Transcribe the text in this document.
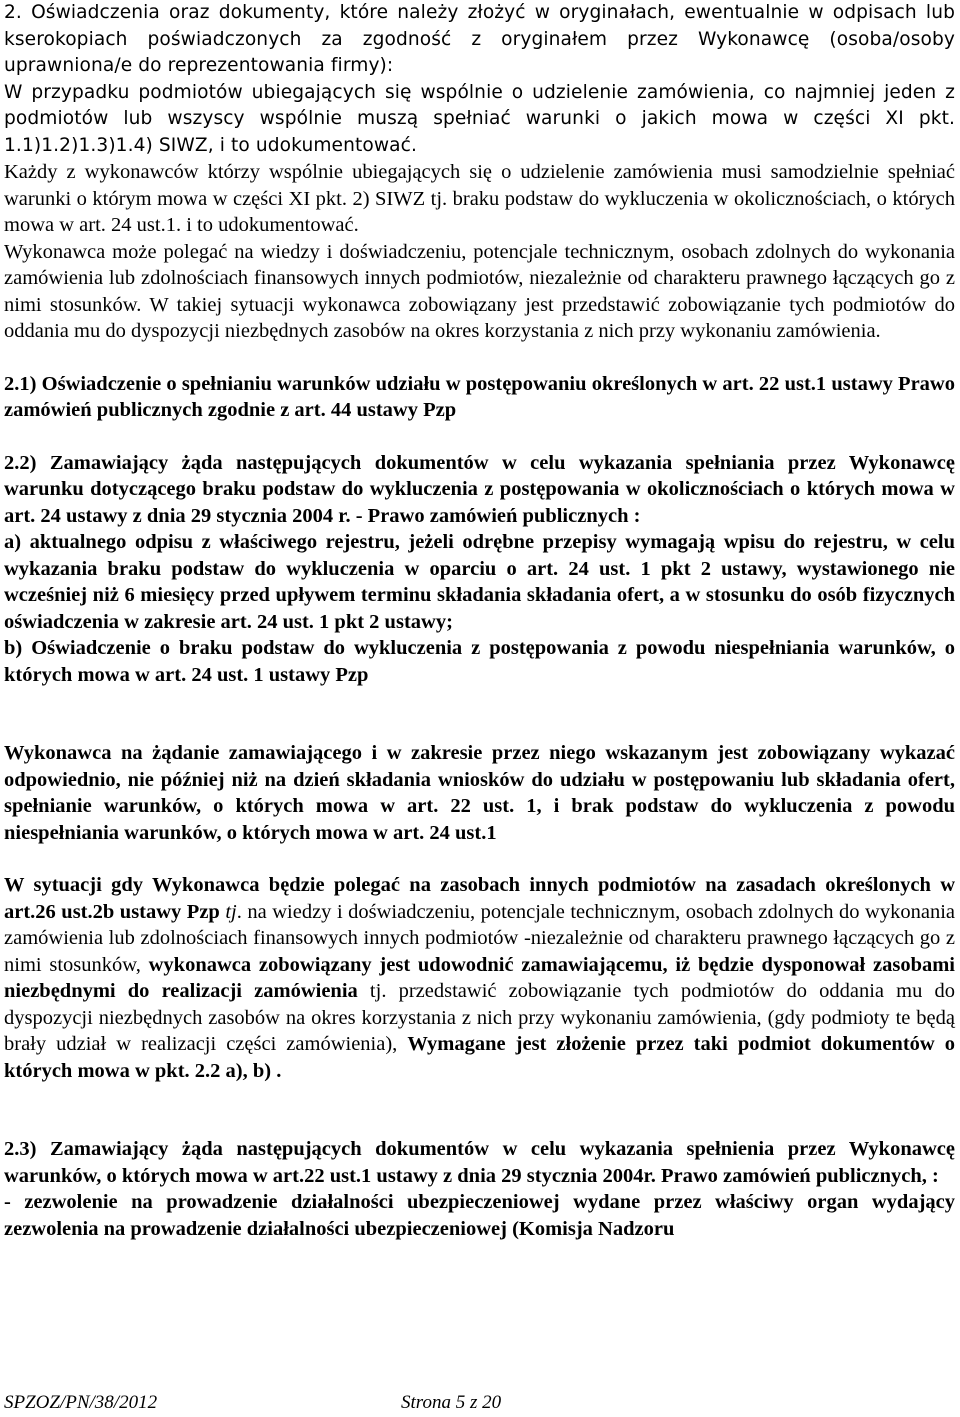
2. Oświadczenia oraz dokumenty, które należy złożyć w oryginałach, ewentualnie w odpisach lub kserokopiach poświadczonych za zgodność z oryginałem przez Wykonawcę (osoba/osoby uprawniona/e do reprezentowania firmy):

W przypadku podmiotów ubiegających się wspólnie o udzielenie zamówienia, co najmniej jeden z podmiotów lub wszyscy wspólnie muszą spełniać warunki o jakich mowa w części XI pkt. 1.1)1.2)1.3)1.4) SIWZ, i to udokumentować.

Każdy z wykonawców którzy wspólnie ubiegających się o udzielenie zamówienia musi samodzielnie spełniać warunki o którym mowa w części XI pkt. 2) SIWZ tj. braku podstaw do wykluczenia w okolicznościach, o których mowa w art. 24 ust.1. i to udokumentować.

Wykonawca może polegać na wiedzy i doświadczeniu, potencjale technicznym, osobach zdolnych do wykonania zamówienia lub zdolnościach finansowych innych podmiotów, niezależnie od charakteru prawnego łączących go z nimi stosunków. W takiej sytuacji wykonawca zobowiązany jest przedstawić zobowiązanie tych podmiotów do oddania mu do dyspozycji niezbędnych zasobów na okres korzystania z nich przy wykonaniu zamówienia.

2.1) Oświadczenie o spełnianiu warunków udziału w postępowaniu określonych w art. 22 ust.1 ustawy Prawo zamówień publicznych zgodnie z art. 44 ustawy Pzp

2.2) Zamawiający żąda następujących dokumentów w celu wykazania spełniania przez Wykonawcę warunku dotyczącego braku podstaw do wykluczenia z postępowania w okolicznościach o których mowa w art. 24 ustawy z dnia 29 stycznia 2004 r. - Prawo zamówień publicznych :

a) aktualnego odpisu z właściwego rejestru, jeżeli odrębne przepisy wymagają wpisu do rejestru, w celu wykazania braku podstaw do wykluczenia w oparciu o art. 24 ust. 1 pkt 2 ustawy, wystawionego nie wcześniej niż 6 miesięcy przed upływem terminu składania składania ofert, a w stosunku do osób fizycznych oświadczenia w zakresie art. 24 ust. 1 pkt 2 ustawy;

b) Oświadczenie o braku podstaw do wykluczenia z postępowania z powodu niespełniania warunków, o których mowa w art. 24 ust. 1 ustawy Pzp

Wykonawca na żądanie zamawiającego i w zakresie przez niego wskazanym jest zobowiązany wykazać odpowiednio, nie później niż na dzień składania wniosków do udziału w postępowaniu lub składania ofert, spełnianie warunków, o których mowa w art. 22 ust. 1, i brak podstaw do wykluczenia z powodu niespełniania warunków, o których mowa w art. 24 ust.1

W sytuacji gdy Wykonawca będzie polegać na zasobach innych podmiotów na zasadach określonych w art.26 ust.2b ustawy Pzp tj. na wiedzy i doświadczeniu, potencjale technicznym, osobach zdolnych do wykonania zamówienia lub zdolnościach finansowych innych podmiotów -niezależnie od charakteru prawnego łączących go z nimi stosunków, wykonawca zobowiązany jest udowodnić zamawiającemu, iż będzie dysponował zasobami niezbędnymi do realizacji zamówienia tj. przedstawić zobowiązanie tych podmiotów do oddania mu do dyspozycji niezbędnych zasobów na okres korzystania z nich przy wykonaniu zamówienia, (gdy podmioty te będą brały udział w realizacji części zamówienia), Wymagane jest złożenie przez taki podmiot dokumentów o których mowa w pkt. 2.2 a), b) .

2.3) Zamawiający żąda następujących dokumentów w celu wykazania spełnienia przez Wykonawcę warunków, o których mowa w art.22 ust.1 ustawy z dnia 29 stycznia 2004r. Prawo zamówień publicznych, :

- zezwolenie na prowadzenie działalności ubezpieczeniowej wydane przez właściwy organ wydający zezwolenia na prowadzenie działalności ubezpieczeniowej (Komisja Nadzoru

SPZOZ/PN/38/2012	Strona 5 z 20
